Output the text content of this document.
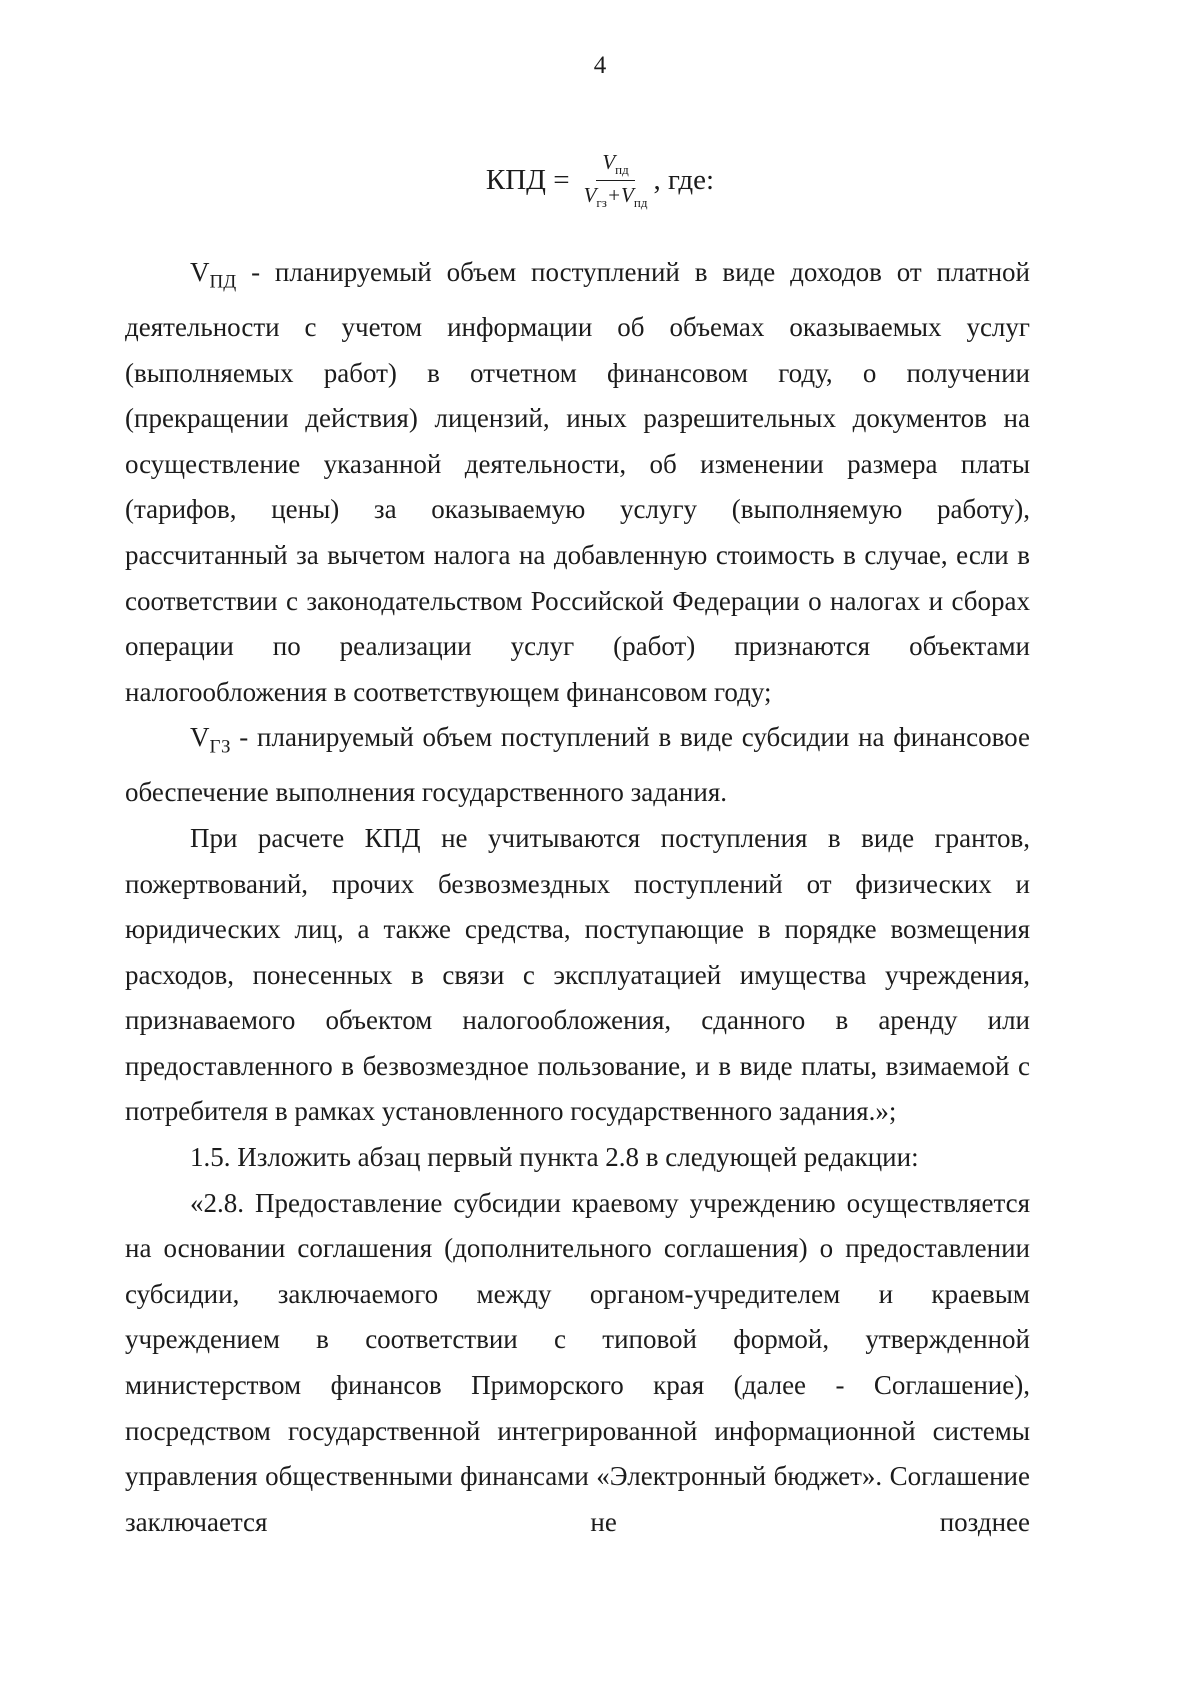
4
КПД = $\frac{V_{пд}}{V_{гз}+V_{пд}}$ , где:

$V_{ПД}$ - планируемый объем поступлений в виде доходов от платной деятельности с учетом информации об объемах оказываемых услуг (выполняемых работ) в отчетном финансовом году, о получении (прекращении действия) лицензий, иных разрешительных документов на осуществление указанной деятельности, об изменении размера платы (тарифов, цены) за оказываемую услугу (выполняемую работу), рассчитанный за вычетом налога на добавленную стоимость в случае, если в соответствии с законодательством Российской Федерации о налогах и сборах операции по реализации услуг (работ) признаются объектами налогообложения в соответствующем финансовом году;

$V_{ГЗ}$ - планируемый объем поступлений в виде субсидии на финансовое обеспечение выполнения государственного задания.

При расчете КПД не учитываются поступления в виде грантов, пожертвований, прочих безвозмездных поступлений от физических и юридических лиц, а также средства, поступающие в порядке возмещения расходов, понесенных в связи с эксплуатацией имущества учреждения, признаваемого объектом налогообложения, сданного в аренду или предоставленного в безвозмездное пользование, и в виде платы, взимаемой с потребителя в рамках установленного государственного задания.»;

1.5. Изложить абзац первый пункта 2.8 в следующей редакции:

«2.8. Предоставление субсидии краевому учреждению осуществляется на основании соглашения (дополнительного соглашения) о предоставлении субсидии, заключаемого между органом-учредителем и краевым учреждением в соответствии с типовой формой, утвержденной министерством финансов Приморского края (далее - Соглашение), посредством государственной интегрированной информационной системы управления общественными финансами «Электронный бюджет». Соглашение заключается не позднее
